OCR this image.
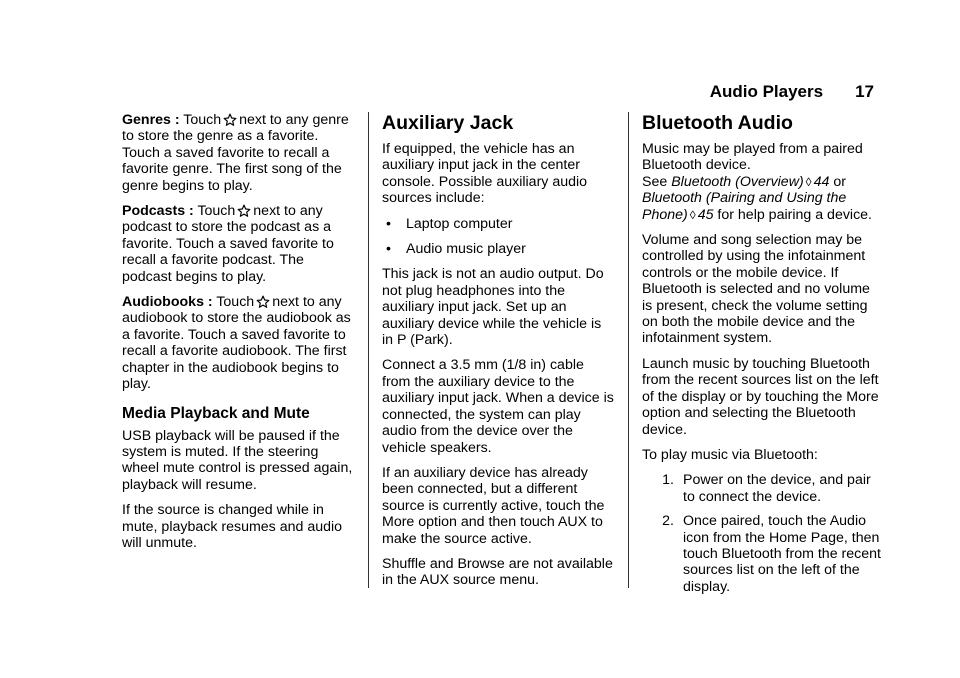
Audio Players 17

Genres : Touch next to any genre to store the genre as a favorite. Touch a saved favorite to recall a favorite genre. The first song of the genre begins to play.

Podcasts : Touch next to any podcast to store the podcast as a favorite. Touch a saved favorite to recall a favorite podcast. The podcast begins to play.

Audiobooks : Touch next to any audiobook to store the audiobook as a favorite. Touch a saved favorite to recall a favorite audiobook. The first chapter in the audiobook begins to play.

Media Playback and Mute

USB playback will be paused if the system is muted. If the steering wheel mute control is pressed again, playback will resume.

If the source is changed while in mute, playback resumes and audio will unmute.

Auxiliary Jack

If equipped, the vehicle has an auxiliary input jack in the center console. Possible auxiliary audio sources include:

•	Laptop computer
•	Audio music player

This jack is not an audio output. Do not plug headphones into the auxiliary input jack. Set up an auxiliary device while the vehicle is in P (Park).

Connect a 3.5 mm (1/8 in) cable from the auxiliary device to the auxiliary input jack. When a device is connected, the system can play audio from the device over the vehicle speakers.

If an auxiliary device has already been connected, but a different source is currently active, touch the More option and then touch AUX to make the source active.

Shuffle and Browse are not available in the AUX source menu.

Bluetooth Audio

Music may be played from a paired Bluetooth device.
See Bluetooth (Overview) ◊ 44 or
Bluetooth (Pairing and Using the Phone) ◊ 45 for help pairing a device.

Volume and song selection may be controlled by using the infotainment controls or the mobile device. If Bluetooth is selected and no volume is present, check the volume setting on both the mobile device and the infotainment system.

Launch music by touching Bluetooth from the recent sources list on the left of the display or by touching the More option and selecting the Bluetooth device.

To play music via Bluetooth:

1. Power on the device, and pair to connect the device.
2. Once paired, touch the Audio icon from the Home Page, then touch Bluetooth from the recent sources list on the left of the display.
